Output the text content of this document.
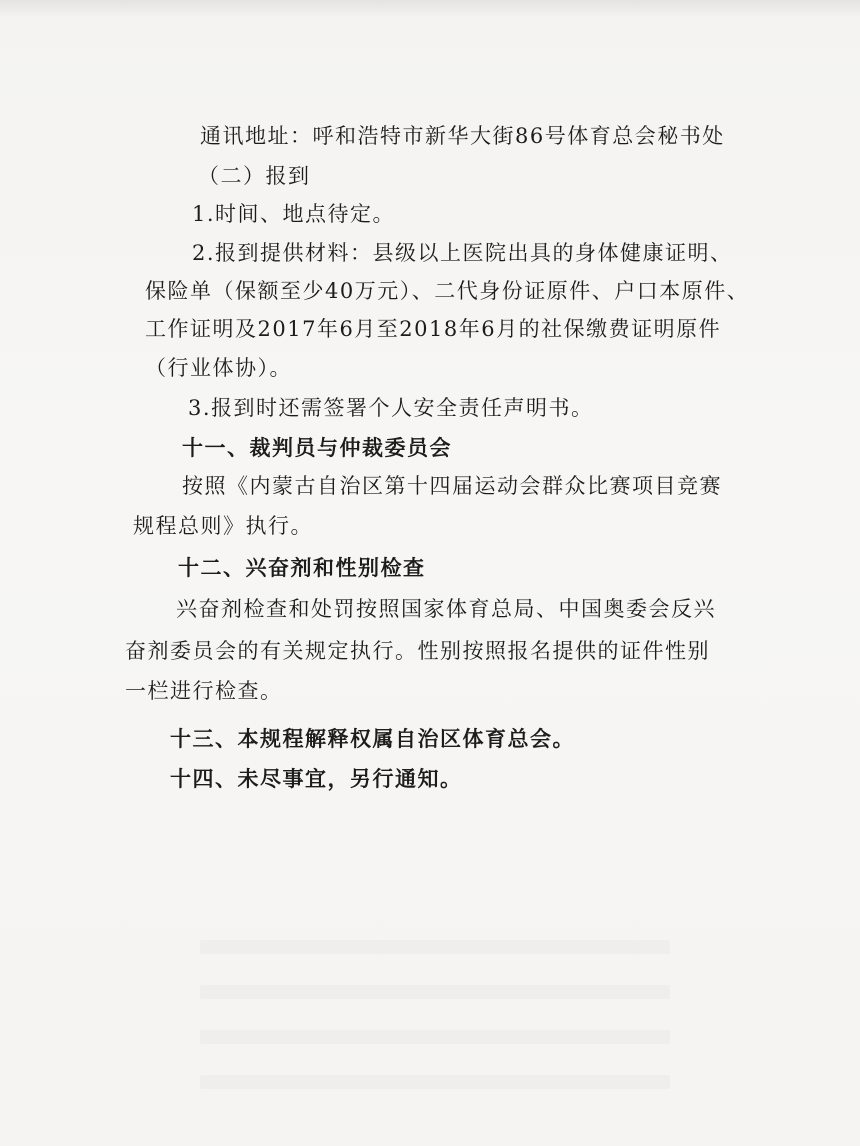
通讯地址：呼和浩特市新华大街86号体育总会秘书处
（二）报到
1.时间、地点待定。
2.报到提供材料：县级以上医院出具的身体健康证明、
保险单（保额至少40万元）、二代身份证原件、户口本原件、
工作证明及2017年6月至2018年6月的社保缴费证明原件
（行业体协）。
3.报到时还需签署个人安全责任声明书。
十一、裁判员与仲裁委员会
按照《内蒙古自治区第十四届运动会群众比赛项目竞赛
规程总则》执行。
十二、兴奋剂和性别检查
兴奋剂检查和处罚按照国家体育总局、中国奥委会反兴
奋剂委员会的有关规定执行。性别按照报名提供的证件性别
一栏进行检查。
十三、本规程解释权属自治区体育总会。
十四、未尽事宜，另行通知。
